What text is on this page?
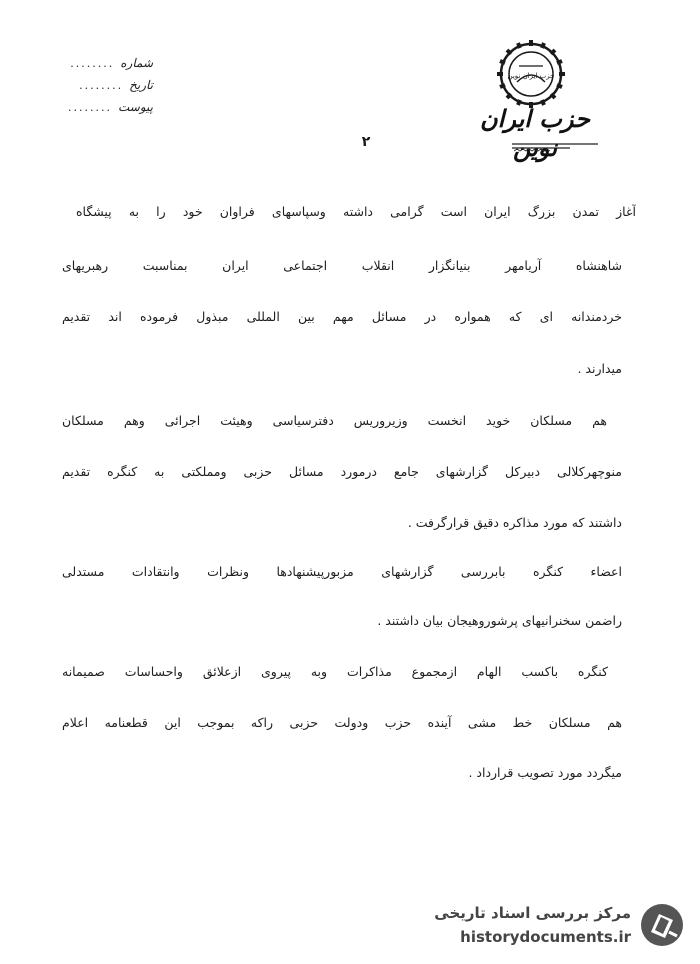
شماره
........
تاریخ
........
پیوست
........
حزب ایران نوین
حزب ایران نوین
۲
آغاز تمدن بزرگ ایران است گرامی داشته وسپاسهای فراوان خود را به پیشگاه
شاهنشاه آریامهر بنیانگزار انقلاب اجتماعی ایران بمناسبت رهبریهای
خردمندانه ای که همواره در مسائل مهم بین المللی مبذول فرموده اند تقدیم
میدارند .
هم مسلکان خوید انخست وزیروریس دفترسیاسی وهیئت اجرائی وهم مسلکان
منوچهرکلالی دبیرکل گزارشهای جامع درمورد مسائل حزبی ومملکتی به کنگره تقدیم
داشتند که مورد مذاکره دقیق قرارگرفت .
اعضاء کنگره بابررسی گزارشهای مزبورپیشنهادها ونظرات وانتقادات مستدلی
راضمن سخنرانیهای پرشوروهیجان بیان داشتند .
کنگره باکسب الهام ازمجموع مذاکرات وبه پیروی ازعلائق واحساسات صمیمانه
هم مسلکان خط مشی آینده حزب ودولت حزبی راکه بموجب این قطعنامه اعلام
میگردد مورد تصویب قرارداد .
مرکز بررسی اسناد تاریخی
historydocuments.ir
